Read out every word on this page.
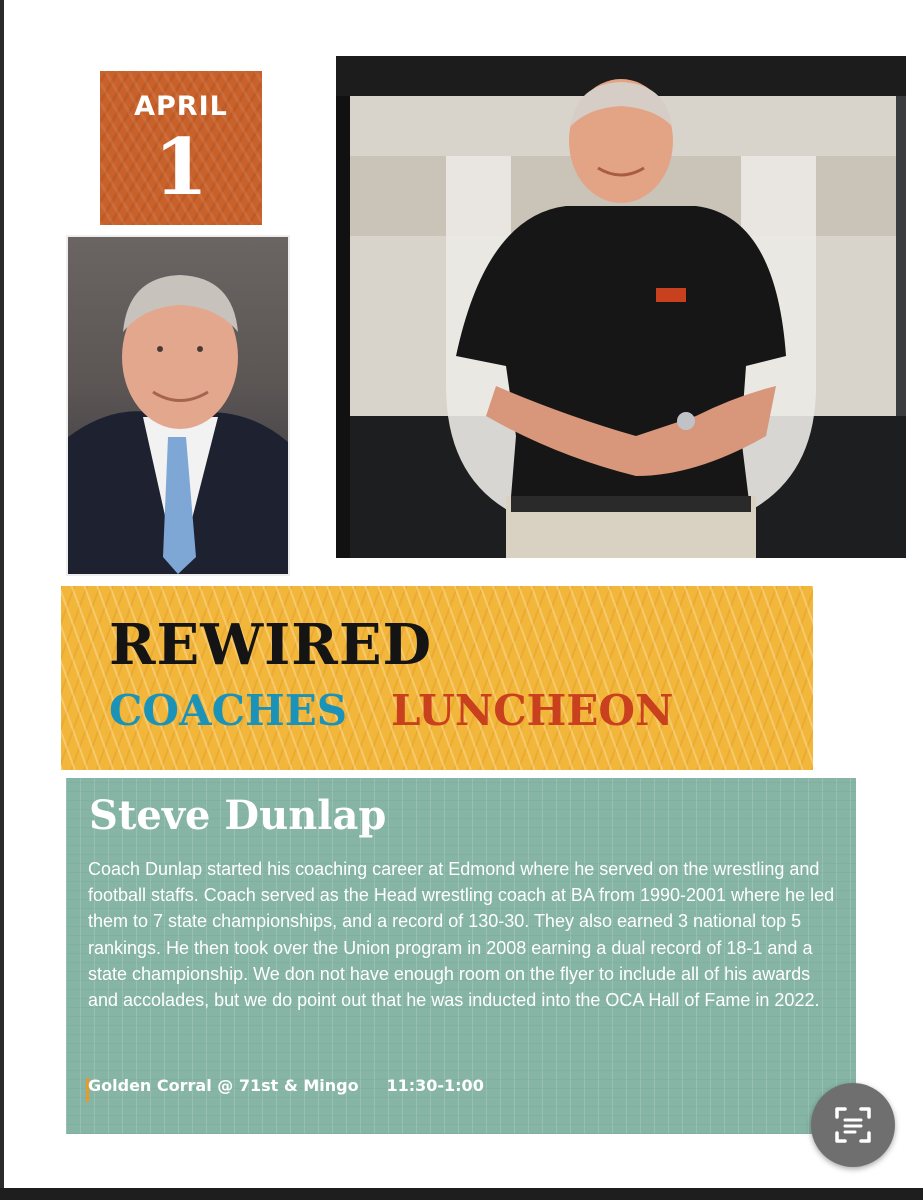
APRIL
1
REWIRED
COACHES LUNCHEON
Steve Dunlap
Coach Dunlap started his coaching career at Edmond where he served on the wrestling and football staffs. Coach served as the Head wrestling coach at BA from 1990-2001 where he led them to 7 state championships, and a record of 130-30. They also earned 3 national top 5 rankings. He then took over the Union program in 2008 earning a dual record of 18-1 and a state championship. We don not have enough room on the flyer to include all of his awards and accolades, but we do point out that he was inducted into the OCA Hall of Fame in 2022.
Golden Corral @ 71st & Mingo 11:30-1:00
